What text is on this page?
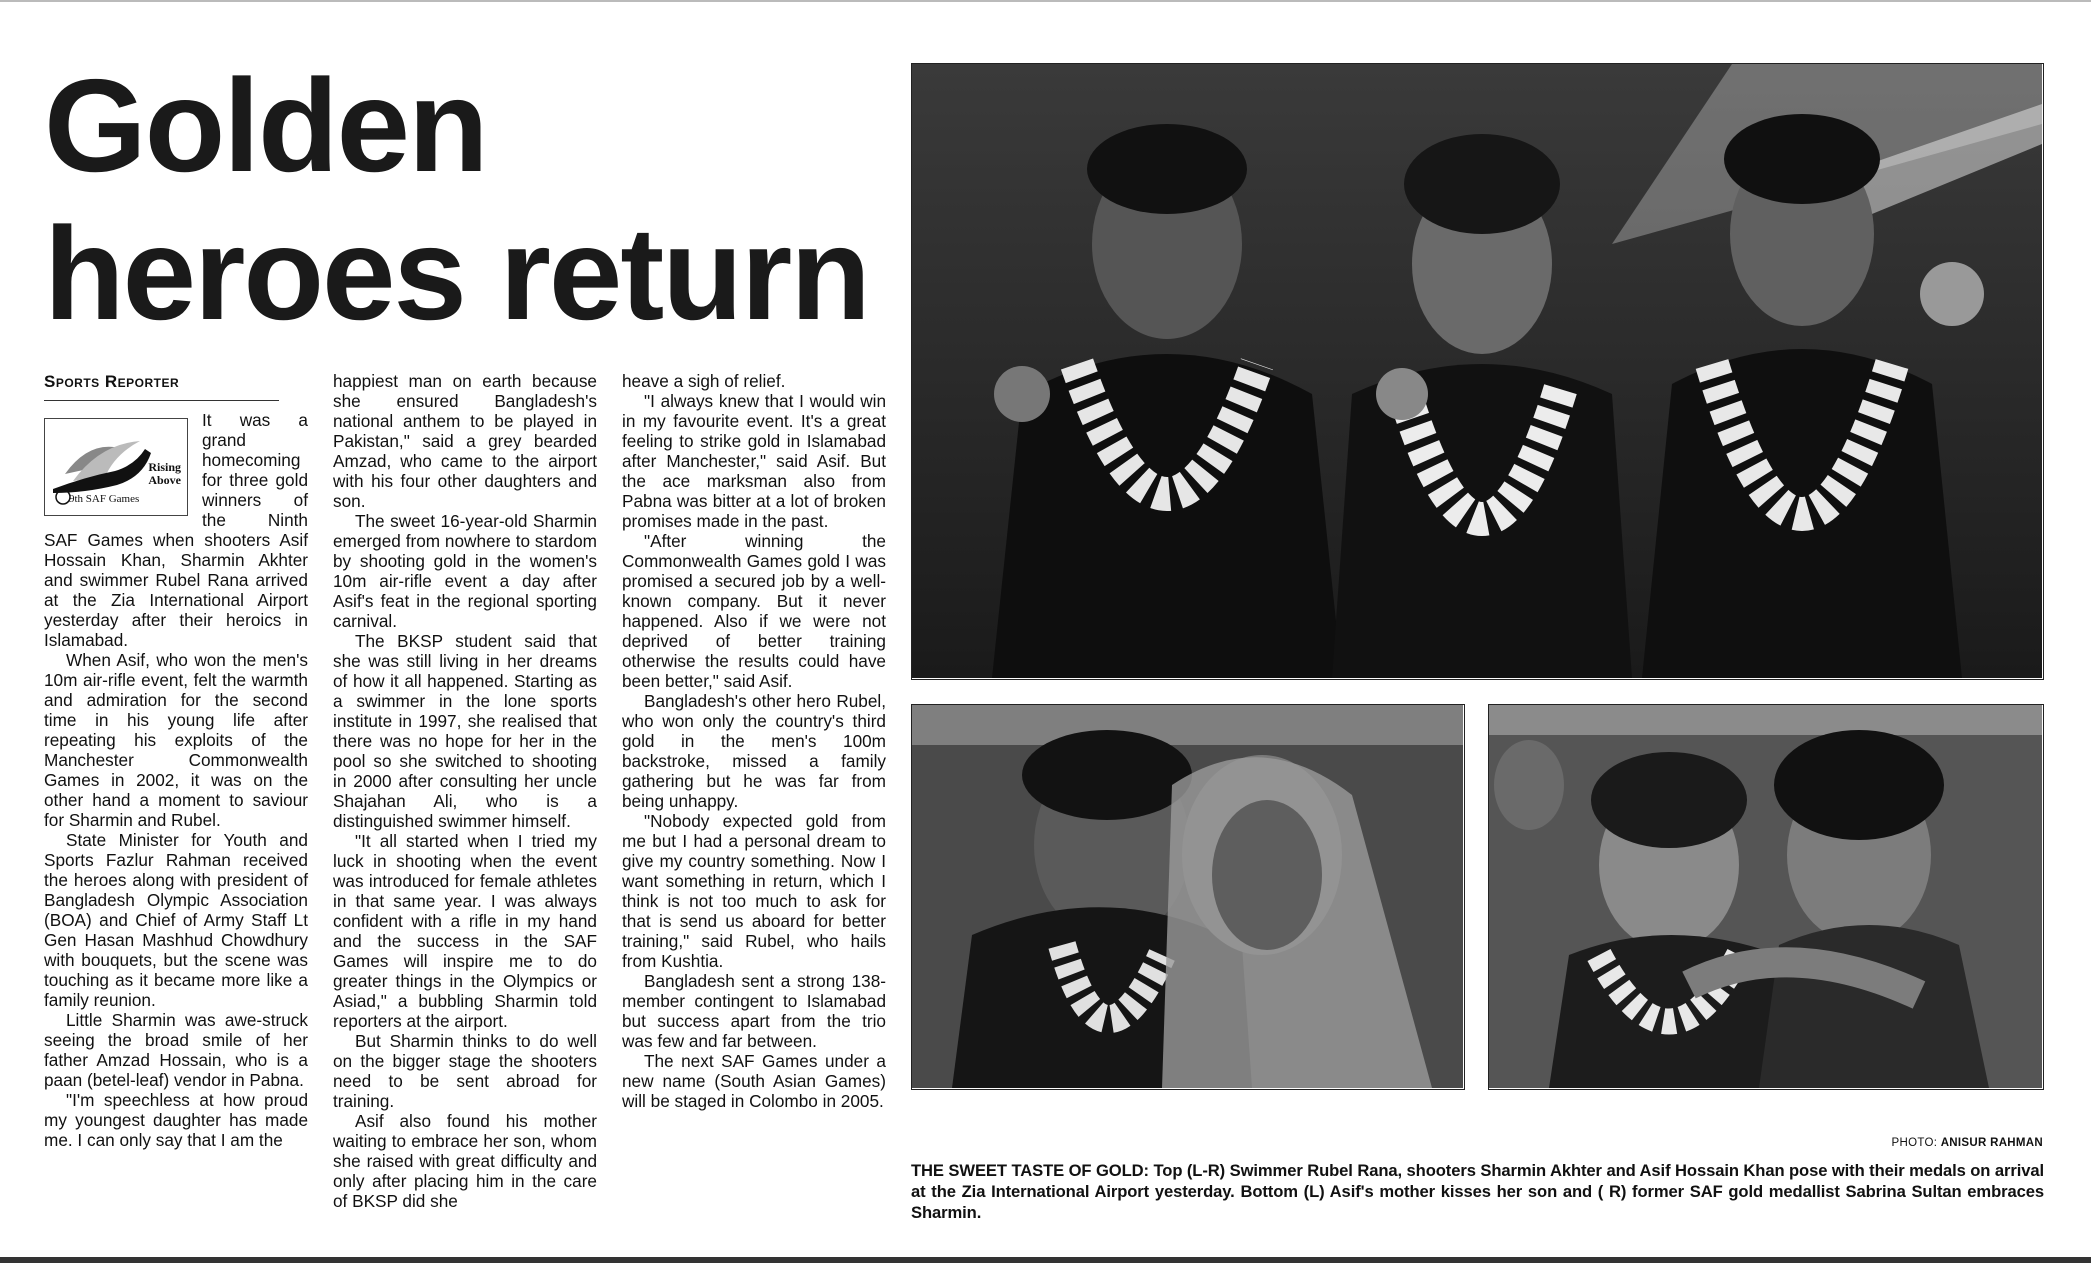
Golden heroes return
Sports Reporter
Rising
Above
9th SAF Games

It was a grand homecoming for three gold winners of the Ninth SAF Games when shooters Asif Hossain Khan, Sharmin Akhter and swimmer Rubel Rana arrived at the Zia International Airport yesterday after their heroics in Islamabad.

When Asif, who won the men's 10m air-rifle event, felt the warmth and admiration for the second time in his young life after repeating his exploits of the Manchester Commonwealth Games in 2002, it was on the other hand a moment to saviour for Sharmin and Rubel.

State Minister for Youth and Sports Fazlur Rahman received the heroes along with president of Bangladesh Olympic Association (BOA) and Chief of Army Staff Lt Gen Hasan Mashhud Chowdhury with bouquets, but the scene was touching as it became more like a family reunion.

Little Sharmin was awe-struck seeing the broad smile of her father Amzad Hossain, who is a paan (betel-leaf) vendor in Pabna.

"I'm speechless at how proud my youngest daughter has made me. I can only say that I am the

happiest man on earth because she ensured Bangladesh's national anthem to be played in Pakistan," said a grey bearded Amzad, who came to the airport with his four other daughters and son.

The sweet 16-year-old Sharmin emerged from nowhere to stardom by shooting gold in the women's 10m air-rifle event a day after Asif's feat in the regional sporting carnival.

The BKSP student said that she was still living in her dreams of how it all happened. Starting as a swimmer in the lone sports institute in 1997, she realised that there was no hope for her in the pool so she switched to shooting in 2000 after consulting her uncle Shajahan Ali, who is a distinguished swimmer himself.

"It all started when I tried my luck in shooting when the event was introduced for female athletes in that same year. I was always confident with a rifle in my hand and the success in the SAF Games will inspire me to do greater things in the Olympics or Asiad," a bubbling Sharmin told reporters at the airport.

But Sharmin thinks to do well on the bigger stage the shooters need to be sent abroad for training.

Asif also found his mother waiting to embrace her son, whom she raised with great difficulty and only after placing him in the care of BKSP did she

heave a sigh of relief.

"I always knew that I would win in my favourite event. It's a great feeling to strike gold in Islamabad after Manchester," said Asif. But the ace marksman also from Pabna was bitter at a lot of broken promises made in the past.

"After winning the Commonwealth Games gold I was promised a secured job by a well-known company. But it never happened. Also if we were not deprived of better training otherwise the results could have been better," said Asif.

Bangladesh's other hero Rubel, who won only the country's third gold in the men's 100m backstroke, missed a family gathering but he was far from being unhappy.

"Nobody expected gold from me but I had a personal dream to give my country something. Now I want something in return, which I think is not too much to ask for that is send us aboard for better training," said Rubel, who hails from Kushtia.

Bangladesh sent a strong 138-member contingent to Islamabad but success apart from the trio was few and far between.

The next SAF Games under a new name (South Asian Games) will be staged in Colombo in 2005.

PHOTO: ANISUR RAHMAN
THE SWEET TASTE OF GOLD: Top (L-R) Swimmer Rubel Rana, shooters Sharmin Akhter and Asif Hossain Khan pose with their medals on arrival at the Zia International Airport yesterday. Bottom (L) Asif's mother kisses her son and ( R) former SAF gold medallist Sabrina Sultan embraces Sharmin.
